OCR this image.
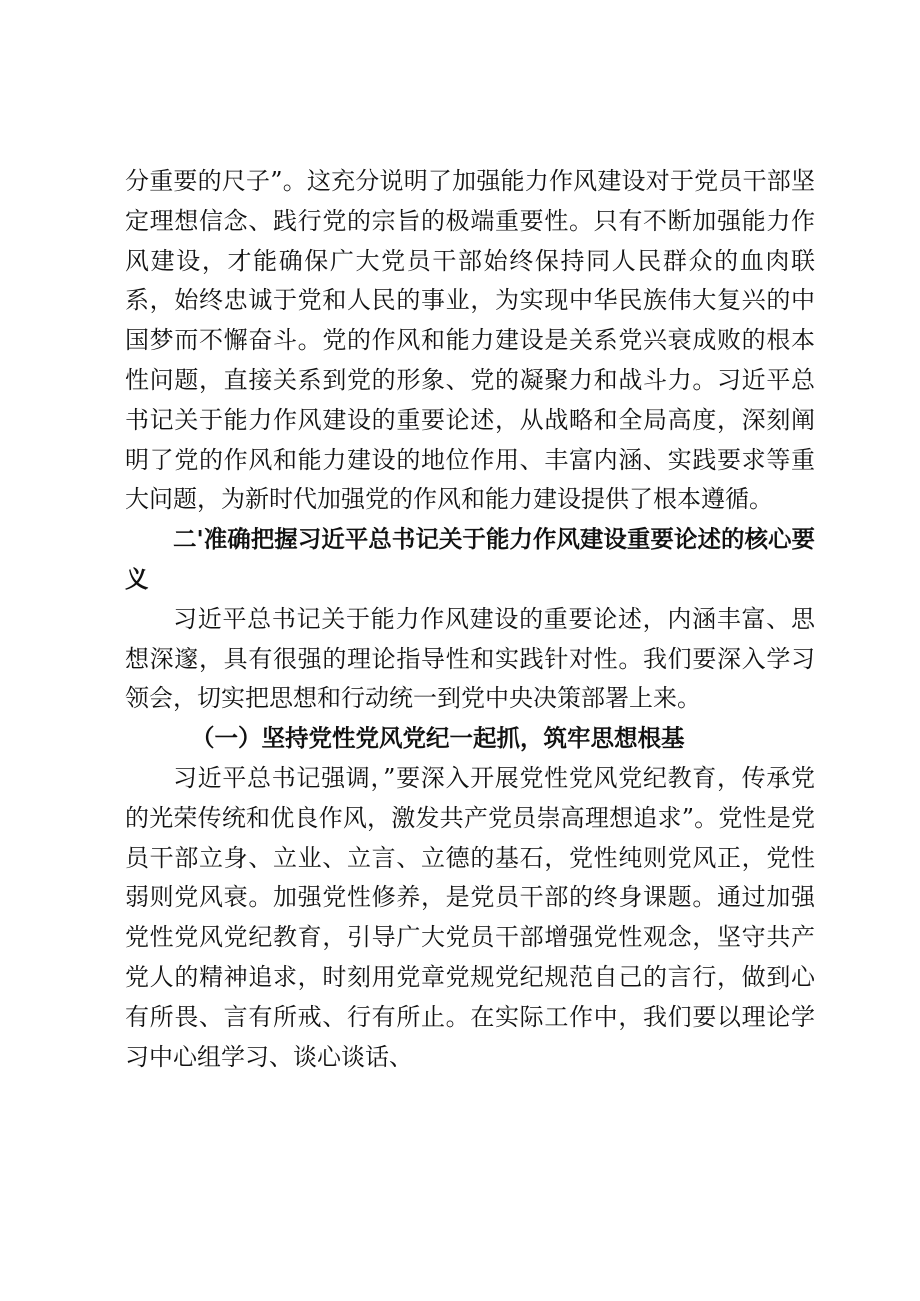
分重要的尺子”。这充分说明了加强能力作风建设对于党员干部坚定理想信念、践行党的宗旨的极端重要性。只有不断加强能力作风建设，才能确保广大党员干部始终保持同人民群众的血肉联系，始终忠诚于党和人民的事业，为实现中华民族伟大复兴的中国梦而不懈奋斗。党的作风和能力建设是关系党兴衰成败的根本性问题，直接关系到党的形象、党的凝聚力和战斗力。习近平总书记关于能力作风建设的重要论述，从战略和全局高度，深刻阐明了党的作风和能力建设的地位作用、丰富内涵、实践要求等重大问题，为新时代加强党的作风和能力建设提供了根本遵循。

二'准确把握习近平总书记关于能力作风建设重要论述的核心要义

习近平总书记关于能力作风建设的重要论述，内涵丰富、思想深邃，具有很强的理论指导性和实践针对性。我们要深入学习领会，切实把思想和行动统一到党中央决策部署上来。

（一）坚持党性党风党纪一起抓，筑牢思想根基

习近平总书记强调，”要深入开展党性党风党纪教育，传承党的光荣传统和优良作风，激发共产党员崇高理想追求”。党性是党员干部立身、立业、立言、立德的基石，党性纯则党风正，党性弱则党风衰。加强党性修养，是党员干部的终身课题。通过加强党性党风党纪教育，引导广大党员干部增强党性观念，坚守共产党人的精神追求，时刻用党章党规党纪规范自己的言行，做到心有所畏、言有所戒、行有所止。在实际工作中，我们要以理论学习中心组学习、谈心谈话、
